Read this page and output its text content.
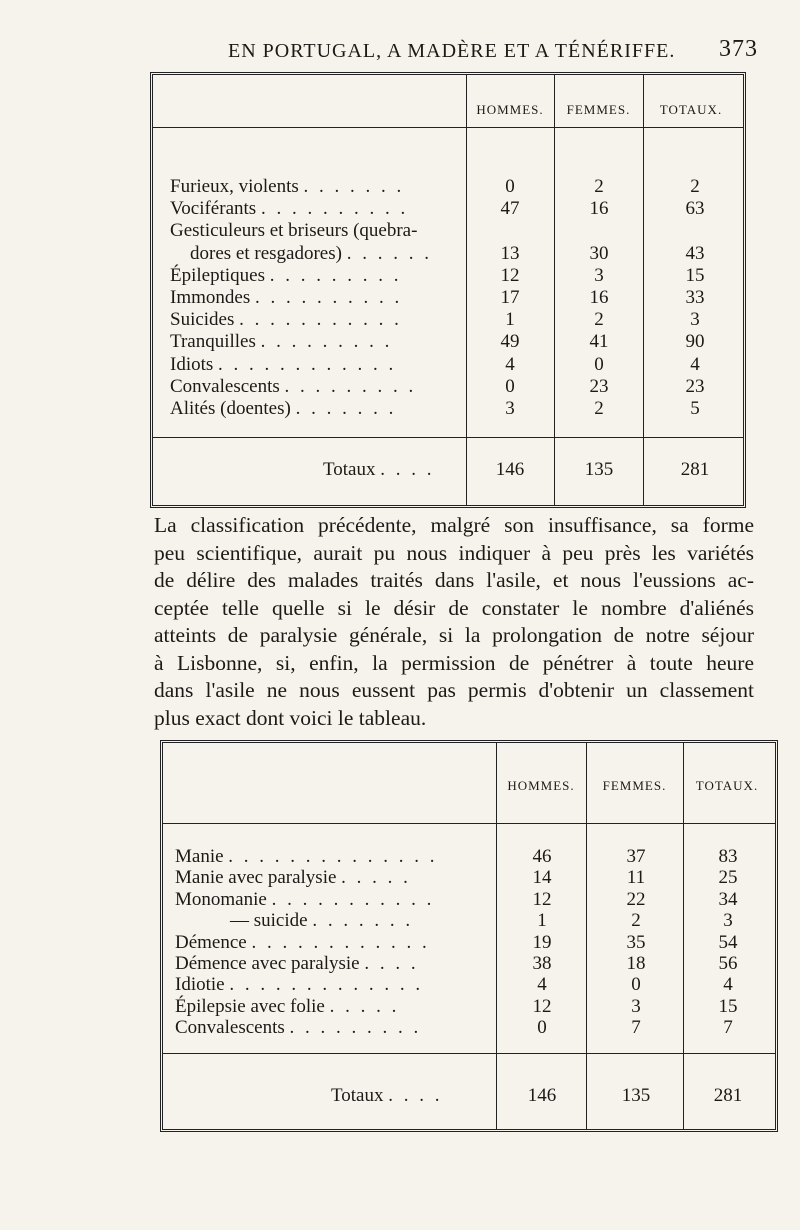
EN PORTUGAL, A MADÈRE ET A TÉNÉRIFFE. 373
HOMMES.	FEMMES.	TOTAUX.
Furieux, violents . . . . . . .	0	2	2
Vociférants . . . . . . . . . .	47	16	63
Gesticuleurs et briseurs (quebra-
dores et resgadores) . . . . . .	13	30	43
Épileptiques . . . . . . . . .	12	3	15
Immondes . . . . . . . . . .	17	16	33
Suicides . . . . . . . . . . .	1	2	3
Tranquilles . . . . . . . . .	49	41	90
Idiots . . . . . . . . . . . .	4	0	4
Convalescents . . . . . . . . .	0	23	23
Alités (doentes) . . . . . . .	3	2	5
Totaux . . . .	146	135	281
La classification précédente, malgré son insuffisance, sa forme
peu scientifique, aurait pu nous indiquer à peu près les variétés
de délire des malades traités dans l'asile, et nous l'eussions ac-
ceptée telle quelle si le désir de constater le nombre d'aliénés
atteints de paralysie générale, si la prolongation de notre séjour
à Lisbonne, si, enfin, la permission de pénétrer à toute heure
dans l'asile ne nous eussent pas permis d'obtenir un classement
plus exact dont voici le tableau.
HOMMES.	FEMMES.	TOTAUX.
Manie . . . . . . . . . . . . . .	46	37	83
Manie avec paralysie . . . . .	14	11	25
Monomanie . . . . . . . . . . .	12	22	34
— suicide . . . . . . .	1	2	3
Démence . . . . . . . . . . . .	19	35	54
Démence avec paralysie . . . .	38	18	56
Idiotie . . . . . . . . . . . . .	4	0	4
Épilepsie avec folie . . . . .	12	3	15
Convalescents . . . . . . . . .	0	7	7
Totaux . . . .	146	135	281
